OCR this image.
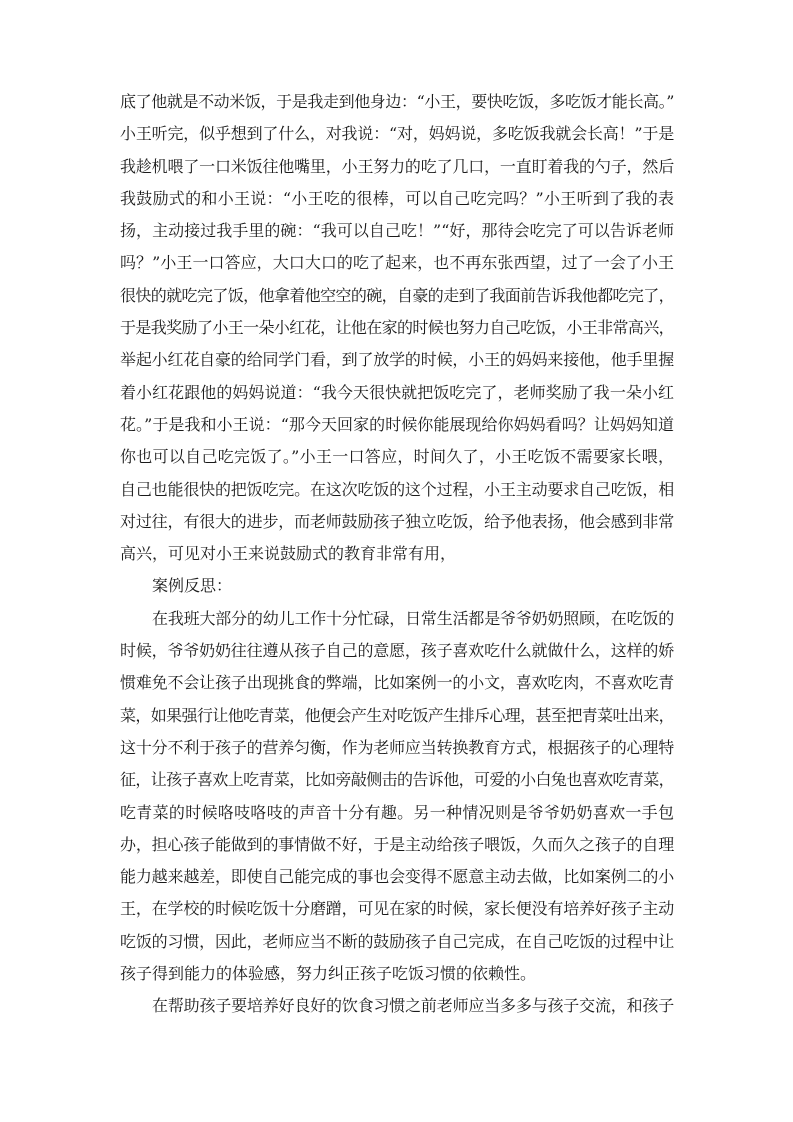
底了他就是不动米饭，于是我走到他身边：“小王，要快吃饭，多吃饭才能长高。”
小王听完，似乎想到了什么，对我说：“对，妈妈说，多吃饭我就会长高！”于是
我趁机喂了一口米饭往他嘴里，小王努力的吃了几口，一直盯着我的勺子，然后
我鼓励式的和小王说：“小王吃的很棒，可以自己吃完吗？”小王听到了我的表
扬，主动接过我手里的碗：“我可以自己吃！”“好，那待会吃完了可以告诉老师
吗？”小王一口答应，大口大口的吃了起来，也不再东张西望，过了一会了小王
很快的就吃完了饭，他拿着他空空的碗，自豪的走到了我面前告诉我他都吃完了，
于是我奖励了小王一朵小红花，让他在家的时候也努力自己吃饭，小王非常高兴，
举起小红花自豪的给同学门看，到了放学的时候，小王的妈妈来接他，他手里握
着小红花跟他的妈妈说道：“我今天很快就把饭吃完了，老师奖励了我一朵小红
花。”于是我和小王说：“那今天回家的时候你能展现给你妈妈看吗？让妈妈知道
你也可以自己吃完饭了。”小王一口答应，时间久了，小王吃饭不需要家长喂，
自己也能很快的把饭吃完。在这次吃饭的这个过程，小王主动要求自己吃饭，相
对过往，有很大的进步，而老师鼓励孩子独立吃饭，给予他表扬，他会感到非常
高兴，可见对小王来说鼓励式的教育非常有用，

案例反思：

在我班大部分的幼儿工作十分忙碌，日常生活都是爷爷奶奶照顾，在吃饭的
时候，爷爷奶奶往往遵从孩子自己的意愿，孩子喜欢吃什么就做什么，这样的娇
惯难免不会让孩子出现挑食的弊端，比如案例一的小文，喜欢吃肉，不喜欢吃青
菜，如果强行让他吃青菜，他便会产生对吃饭产生排斥心理，甚至把青菜吐出来，
这十分不利于孩子的营养匀衡，作为老师应当转换教育方式，根据孩子的心理特
征，让孩子喜欢上吃青菜，比如旁敲侧击的告诉他，可爱的小白兔也喜欢吃青菜，
吃青菜的时候咯吱咯吱的声音十分有趣。另一种情况则是爷爷奶奶喜欢一手包
办，担心孩子能做到的事情做不好，于是主动给孩子喂饭，久而久之孩子的自理
能力越来越差，即使自己能完成的事也会变得不愿意主动去做，比如案例二的小
王，在学校的时候吃饭十分磨蹭，可见在家的时候，家长便没有培养好孩子主动
吃饭的习惯，因此，老师应当不断的鼓励孩子自己完成，在自己吃饭的过程中让
孩子得到能力的体验感，努力纠正孩子吃饭习惯的依赖性。

在帮助孩子要培养好良好的饮食习惯之前老师应当多多与孩子交流，和孩子
